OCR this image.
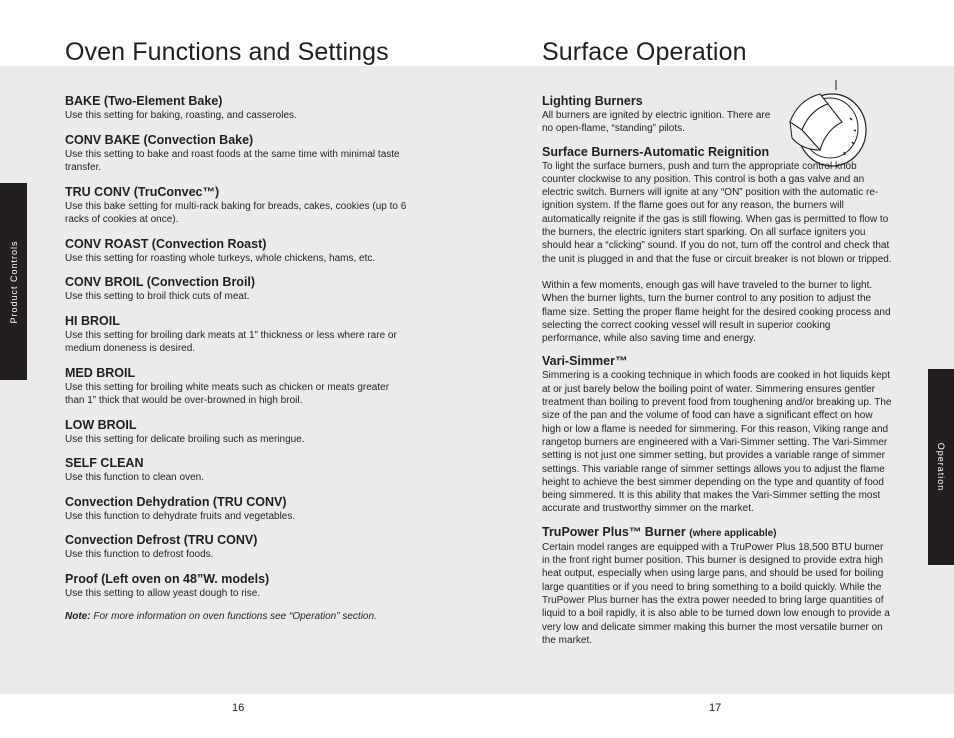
Oven Functions and Settings	Surface Operation
Product Controls
Operation

BAKE (Two-Element Bake)

Use this setting for baking, roasting, and casseroles.

CONV BAKE (Convection Bake)

Use this setting to bake and roast foods at the same time with minimal taste transfer.

TRU CONV (TruConvec™)

Use this bake setting for multi-rack baking for breads, cakes, cookies (up to 6 racks of cookies at once).

CONV ROAST (Convection Roast)

Use this setting for roasting whole turkeys, whole chickens, hams, etc.

CONV BROIL (Convection Broil)

Use this setting to broil thick cuts of meat.

HI BROIL

Use this setting for broiling dark meats at 1” thickness or less where rare or medium doneness is desired.

MED BROIL

Use this setting for broiling white meats such as chicken or meats greater than 1” thick that would be over-browned in high broil.

LOW BROIL

Use this setting for delicate broiling such as meringue.

SELF CLEAN

Use this function to clean oven.

Convection Dehydration (TRU CONV)

Use this function to dehydrate fruits and vegetables.

Convection Defrost (TRU CONV)

Use this function to defrost foods.

Proof (Left oven on 48”W. models)

Use this setting to allow yeast dough to rise.

Note: For more information on oven functions see “Operation” section.

Lighting Burners

All burners are ignited by electric ignition. There are no open-flame, “standing” pilots.

Surface Burners-Automatic Reignition

To light the surface burners, push and turn the appropriate control knob counter clockwise to any position. This control is both a gas valve and an electric switch. Burners will ignite at any “ON” position with the automatic re-ignition system. If the flame goes out for any reason, the burners will automatically reignite if the gas is still flowing. When gas is permitted to flow to the burners, the electric igniters start sparking. On all surface igniters you should hear a “clicking” sound. If you do not, turn off the control and check that the unit is plugged in and that the fuse or circuit breaker is not blown or tripped.

Within a few moments, enough gas will have traveled to the burner to light. When the burner lights, turn the burner control to any position to adjust the flame size. Setting the proper flame height for the desired cooking process and selecting the correct cooking vessel will result in superior cooking performance, while also saving time and energy.

Vari-Simmer™

Simmering is a cooking technique in which foods are cooked in hot liquids kept at or just barely below the boiling point of water. Simmering ensures gentler treatment than boiling to prevent food from toughening and/or breaking up. The size of the pan and the volume of food can have a significant effect on how high or low a flame is needed for simmering. For this reason, Viking range and rangetop burners are engineered with a Vari-Simmer setting. The Vari-Simmer setting is not just one simmer setting, but provides a variable range of simmer settings. This variable range of simmer settings allows you to adjust the flame height to achieve the best simmer depending on the type and quantity of food being simmered. It is this ability that makes the Vari-Simmer setting the most accurate and trustworthy simmer on the market.

TruPower Plus™ Burner (where applicable)

Certain model ranges are equipped with a TruPower Plus 18,500 BTU burner in the front right burner position. This burner is designed to provide extra high heat output, especially when using large pans, and should be used for boiling large quantities or if you need to bring something to a boild quickly. While the TruPower Plus burner has the extra power needed to bring large quantities of liquid to a boil rapidly, it is also able to be turned down low enough to provide a very low and delicate simmer making this burner the most versatile burner on the market.

16	17
